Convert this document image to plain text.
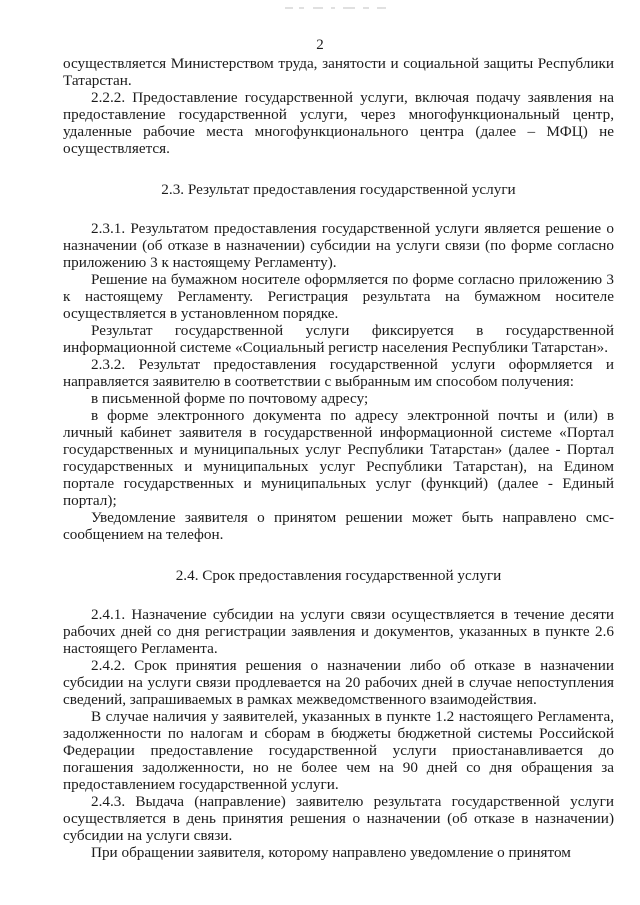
2

осуществляется Министерством труда, занятости и социальной защиты Республики Татарстан.

2.2.2. Предоставление государственной услуги, включая подачу заявления на предоставление государственной услуги, через многофункциональный центр, удаленные рабочие места многофункционального центра (далее – МФЦ) не осуществляется.

2.3. Результат предоставления государственной услуги

2.3.1. Результатом предоставления государственной услуги является решение о назначении (об отказе в назначении) субсидии на услуги связи (по форме согласно приложению 3 к настоящему Регламенту).

Решение на бумажном носителе оформляется по форме согласно приложению 3 к настоящему Регламенту. Регистрация результата на бумажном носителе осуществляется в установленном порядке.

Результат государственной услуги фиксируется в государственной информационной системе «Социальный регистр населения Республики Татарстан».

2.3.2. Результат предоставления государственной услуги оформляется и направляется заявителю в соответствии с выбранным им способом получения:

в письменной форме по почтовому адресу;

в форме электронного документа по адресу электронной почты и (или) в личный кабинет заявителя в государственной информационной системе «Портал государственных и муниципальных услуг Республики Татарстан» (далее - Портал государственных и муниципальных услуг Республики Татарстан), на Едином портале государственных и муниципальных услуг (функций) (далее - Единый портал);

Уведомление заявителя о принятом решении может быть направлено смс-сообщением на телефон.

2.4. Срок предоставления государственной услуги

2.4.1. Назначение субсидии на услуги связи осуществляется в течение десяти рабочих дней со дня регистрации заявления и документов, указанных в пункте 2.6 настоящего Регламента.

2.4.2. Срок принятия решения о назначении либо об отказе в назначении субсидии на услуги связи продлевается на 20 рабочих дней в случае непоступления сведений, запрашиваемых в рамках межведомственного взаимодействия.

В случае наличия у заявителей, указанных в пункте 1.2 настоящего Регламента, задолженности по налогам и сборам в бюджеты бюджетной системы Российской Федерации предоставление государственной услуги приостанавливается до погашения задолженности, но не более чем на 90 дней со дня обращения за предоставлением государственной услуги.

2.4.3. Выдача (направление) заявителю результата государственной услуги осуществляется в день принятия решения о назначении (об отказе в назначении) субсидии на услуги связи.

При обращении заявителя, которому направлено уведомление о принятом
